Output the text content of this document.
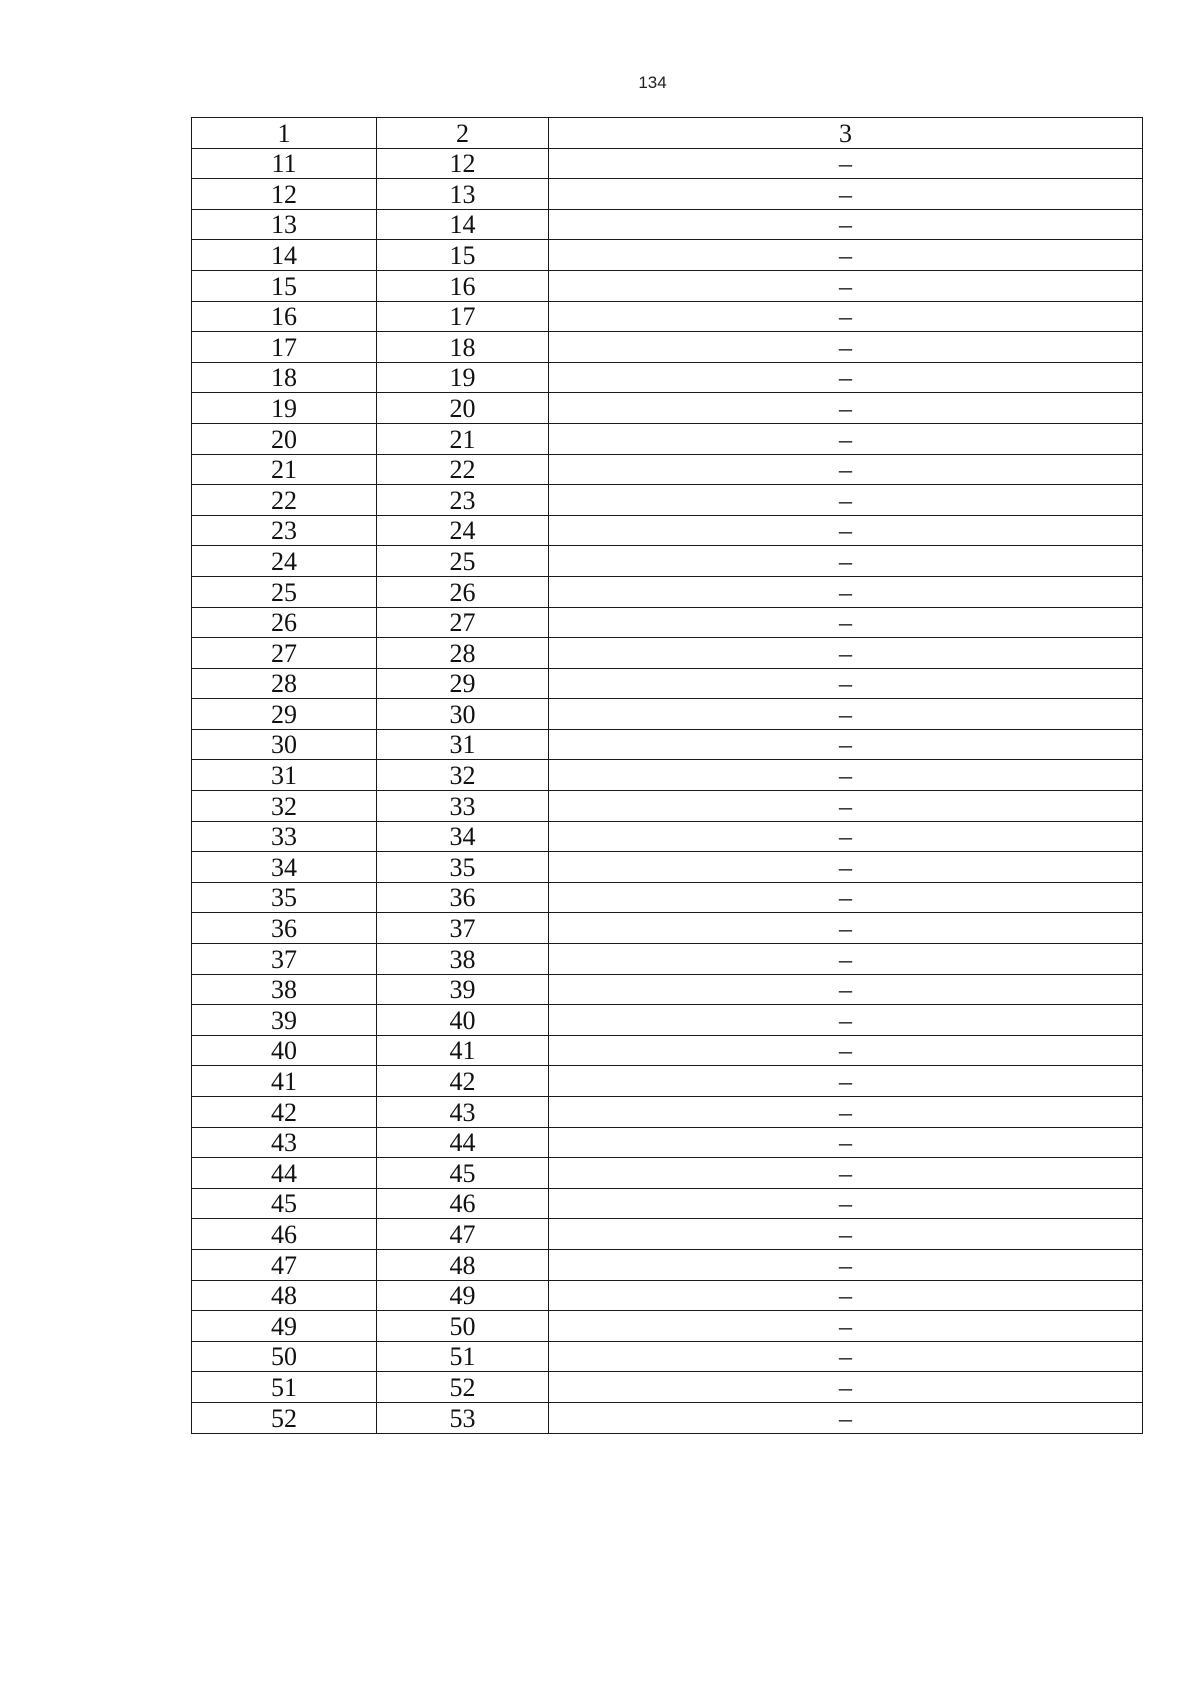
134
1	2	3
11	12	–
12	13	–
13	14	–
14	15	–
15	16	–
16	17	–
17	18	–
18	19	–
19	20	–
20	21	–
21	22	–
22	23	–
23	24	–
24	25	–
25	26	–
26	27	–
27	28	–
28	29	–
29	30	–
30	31	–
31	32	–
32	33	–
33	34	–
34	35	–
35	36	–
36	37	–
37	38	–
38	39	–
39	40	–
40	41	–
41	42	–
42	43	–
43	44	–
44	45	–
45	46	–
46	47	–
47	48	–
48	49	–
49	50	–
50	51	–
51	52	–
52	53	–
